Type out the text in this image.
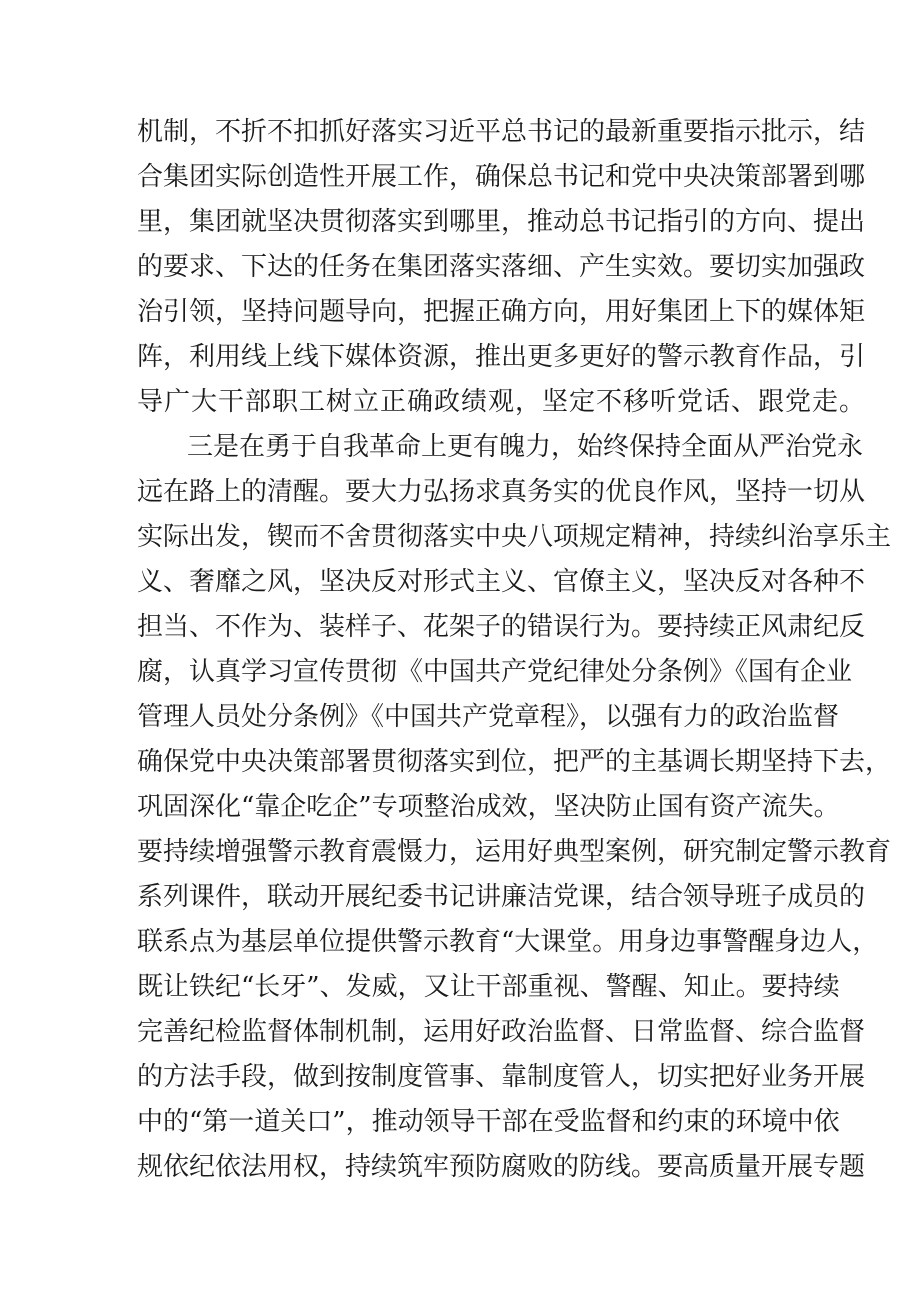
机制，不折不扣抓好落实习近平总书记的最新重要指示批示，结
合集团实际创造性开展工作，确保总书记和党中央决策部署到哪
里，集团就坚决贯彻落实到哪里，推动总书记指引的方向、提出
的要求、下达的任务在集团落实落细、产生实效。要切实加强政
治引领，坚持问题导向，把握正确方向，用好集团上下的媒体矩
阵，利用线上线下媒体资源，推出更多更好的警示教育作品，引
导广大干部职工树立正确政绩观，坚定不移听党话、跟党走。
三是在勇于自我革命上更有魄力，始终保持全面从严治党永
远在路上的清醒。要大力弘扬求真务实的优良作风，坚持一切从
实际出发，锲而不舍贯彻落实中央八项规定精神，持续纠治享乐主
义、奢靡之风，坚决反对形式主义、官僚主义，坚决反对各种不
担当、不作为、装样子、花架子的错误行为。要持续正风肃纪反
腐，认真学习宣传贯彻《中国共产党纪律处分条例》《国有企业
管理人员处分条例》《中国共产党章程》，以强有力的政治监督
确保党中央决策部署贯彻落实到位，把严的主基调长期坚持下去，
巩固深化“靠企吃企”专项整治成效，坚决防止国有资产流失。
要持续增强警示教育震慑力，运用好典型案例，研究制定警示教育
系列课件，联动开展纪委书记讲廉洁党课，结合领导班子成员的
联系点为基层单位提供警示教育“大课堂。用身边事警醒身边人，
既让铁纪“长牙”、发威，又让干部重视、警醒、知止。要持续
完善纪检监督体制机制，运用好政治监督、日常监督、综合监督
的方法手段，做到按制度管事、靠制度管人，切实把好业务开展
中的“第一道关口”，推动领导干部在受监督和约束的环境中依
规依纪依法用权，持续筑牢预防腐败的防线。要高质量开展专题
